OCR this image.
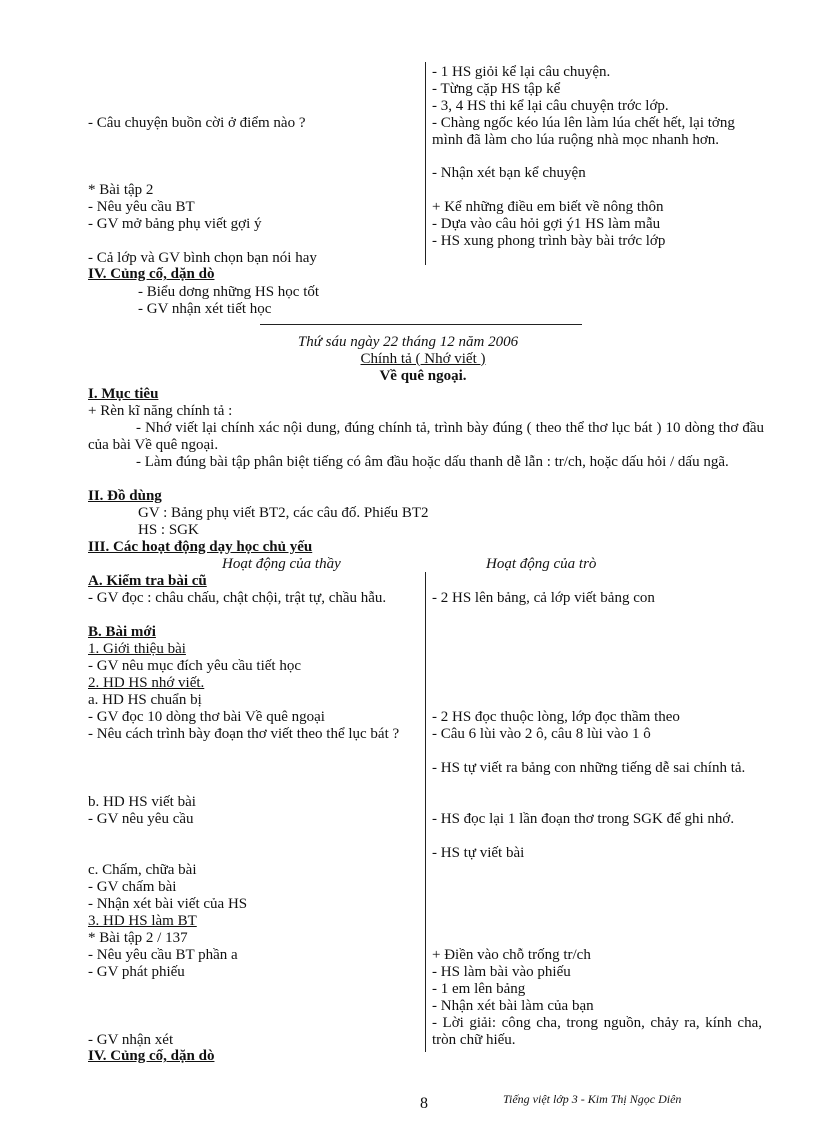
- 1 HS giỏi kể lại câu chuyện.
- Từng cặp HS tập kể
- 3, 4 HS thi kể lại câu chuyện trớc lớp.
- Chàng ngốc kéo lúa lên làm lúa chết hết, lại tởng mình đã làm cho lúa ruộng nhà mọc nhanh hơn.
- Nhận xét bạn kể chuyện
+ Kể những điều em biết về nông thôn
- Dựa vào câu hỏi gợi ý1 HS làm mẫu
- HS xung phong trình bày bài trớc lớp
- Câu chuyện buồn cời ở điểm nào ?
* Bài tập 2
- Nêu yêu cầu BT
- GV mở bảng phụ viết gợi ý
- Cả lớp và GV bình chọn bạn nói hay
IV. Củng cố, dặn dò
- Biểu dơng những HS học tốt
- GV nhận xét tiết học
Thứ sáu ngày 22 tháng 12 năm 2006
Chính tả ( Nhớ viết )
Về quê ngoại.
I. Mục tiêu
+ Rèn kĩ năng chính tả :
- Nhớ viết lại chính xác nội dung, đúng chính tả, trình bày đúng ( theo thể thơ lục bát ) 10 dòng thơ đầu của bài Về quê ngoại.
- Làm đúng bài tập phân biệt tiếng có âm đầu hoặc dấu thanh dễ lẫn : tr/ch, hoặc dấu hỏi / dấu ngã.
II. Đồ dùng
GV : Bảng phụ viết BT2, các câu đố. Phiếu BT2
HS : SGK
III. Các hoạt động dạy học chủ yếu
Hoạt động của thầy	Hoạt động của trò
A. Kiểm tra bài cũ
- GV đọc : châu chấu, chật chội, trật tự, chầu hẫu.
B. Bài mới
1. Giới thiệu bài
- GV nêu mục đích yêu cầu tiết học
2. HD HS nhớ viết.
a. HD HS chuẩn bị
- GV đọc 10 dòng thơ bài Về quê ngoại
- Nêu cách trình bày đoạn thơ viết theo thể lục bát ?
b. HD HS viết bài
- GV nêu yêu cầu
c. Chấm, chữa bài
- GV chấm bài
- Nhận xét bài viết của HS
3. HD HS làm BT
* Bài tập 2 / 137
- Nêu yêu cầu BT phần a
- GV phát phiếu
- GV nhận xét
IV. Củng cố, dặn dò
- 2 HS lên bảng, cả lớp viết bảng con
- 2 HS đọc thuộc lòng, lớp đọc thầm theo
- Câu 6 lùi vào 2 ô, câu 8 lùi vào 1 ô
- HS tự viết ra bảng con những tiếng dễ sai chính tả.
- HS đọc lại 1 lần đoạn thơ trong SGK để ghi nhớ.
- HS tự viết bài
+ Điền vào chỗ trống tr/ch
- HS làm bài vào phiếu
- 1 em lên bảng
- Nhận xét bài làm của bạn
- Lời giải: công cha, trong nguồn, chảy ra, kính cha, tròn chữ hiếu.
8	Tiếng việt lớp 3 - Kim Thị Ngọc Diên
